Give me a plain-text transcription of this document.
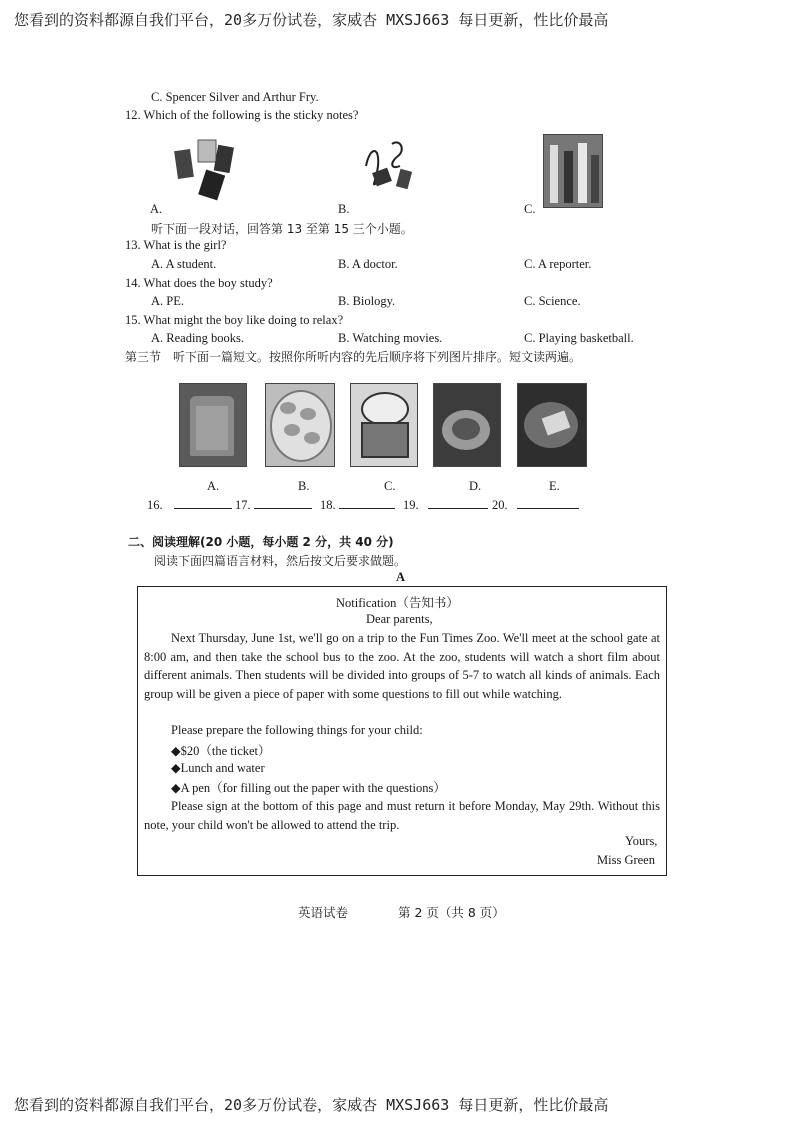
您看到的资料都源自我们平台，20多万份试卷，家威杏 MXSJ663 每日更新，性比价最高
C. Spencer Silver and Arthur Fry.
12. Which of the following is the sticky notes?
A.	B.	C.
听下面一段对话，回答第 13 至第 15 三个小题。
13. What is the girl?
A. A student.	B. A doctor.	C. A reporter.
14. What does the boy study?
A. PE.	B. Biology.	C. Science.
15. What might the boy like doing to relax?
A. Reading books.	B. Watching movies.	C. Playing basketball.
第三节　听下面一篇短文。按照你所听内容的先后顺序将下列图片排序。短文读两遍。
A.	B.	C.	D.	E.
16.	17.	18.	19.	20.
二、阅读理解(20 小题，每小题 2 分，共 40 分)
阅读下面四篇语言材料，然后按文后要求做题。
A
Notification（告知书）
Dear parents,
Next Thursday, June 1st, we'll go on a trip to the Fun Times Zoo. We'll meet at the school gate at 8:00 am, and then take the school bus to the zoo. At the zoo, students will watch a short film about different animals. Then students will be divided into groups of 5-7 to watch all kinds of animals. Each group will be given a piece of paper with some questions to fill out while watching.
Please prepare the following things for your child:
◆$20（the ticket）
◆Lunch and water
◆A pen（for filling out the paper with the questions）
Please sign at the bottom of this page and must return it before Monday, May 29th. Without this note, your child won't be allowed to attend the trip.
Yours,
Miss Green
英语试卷	第 2 页（共 8 页）
您看到的资料都源自我们平台，20多万份试卷，家威杏 MXSJ663 每日更新，性比价最高
